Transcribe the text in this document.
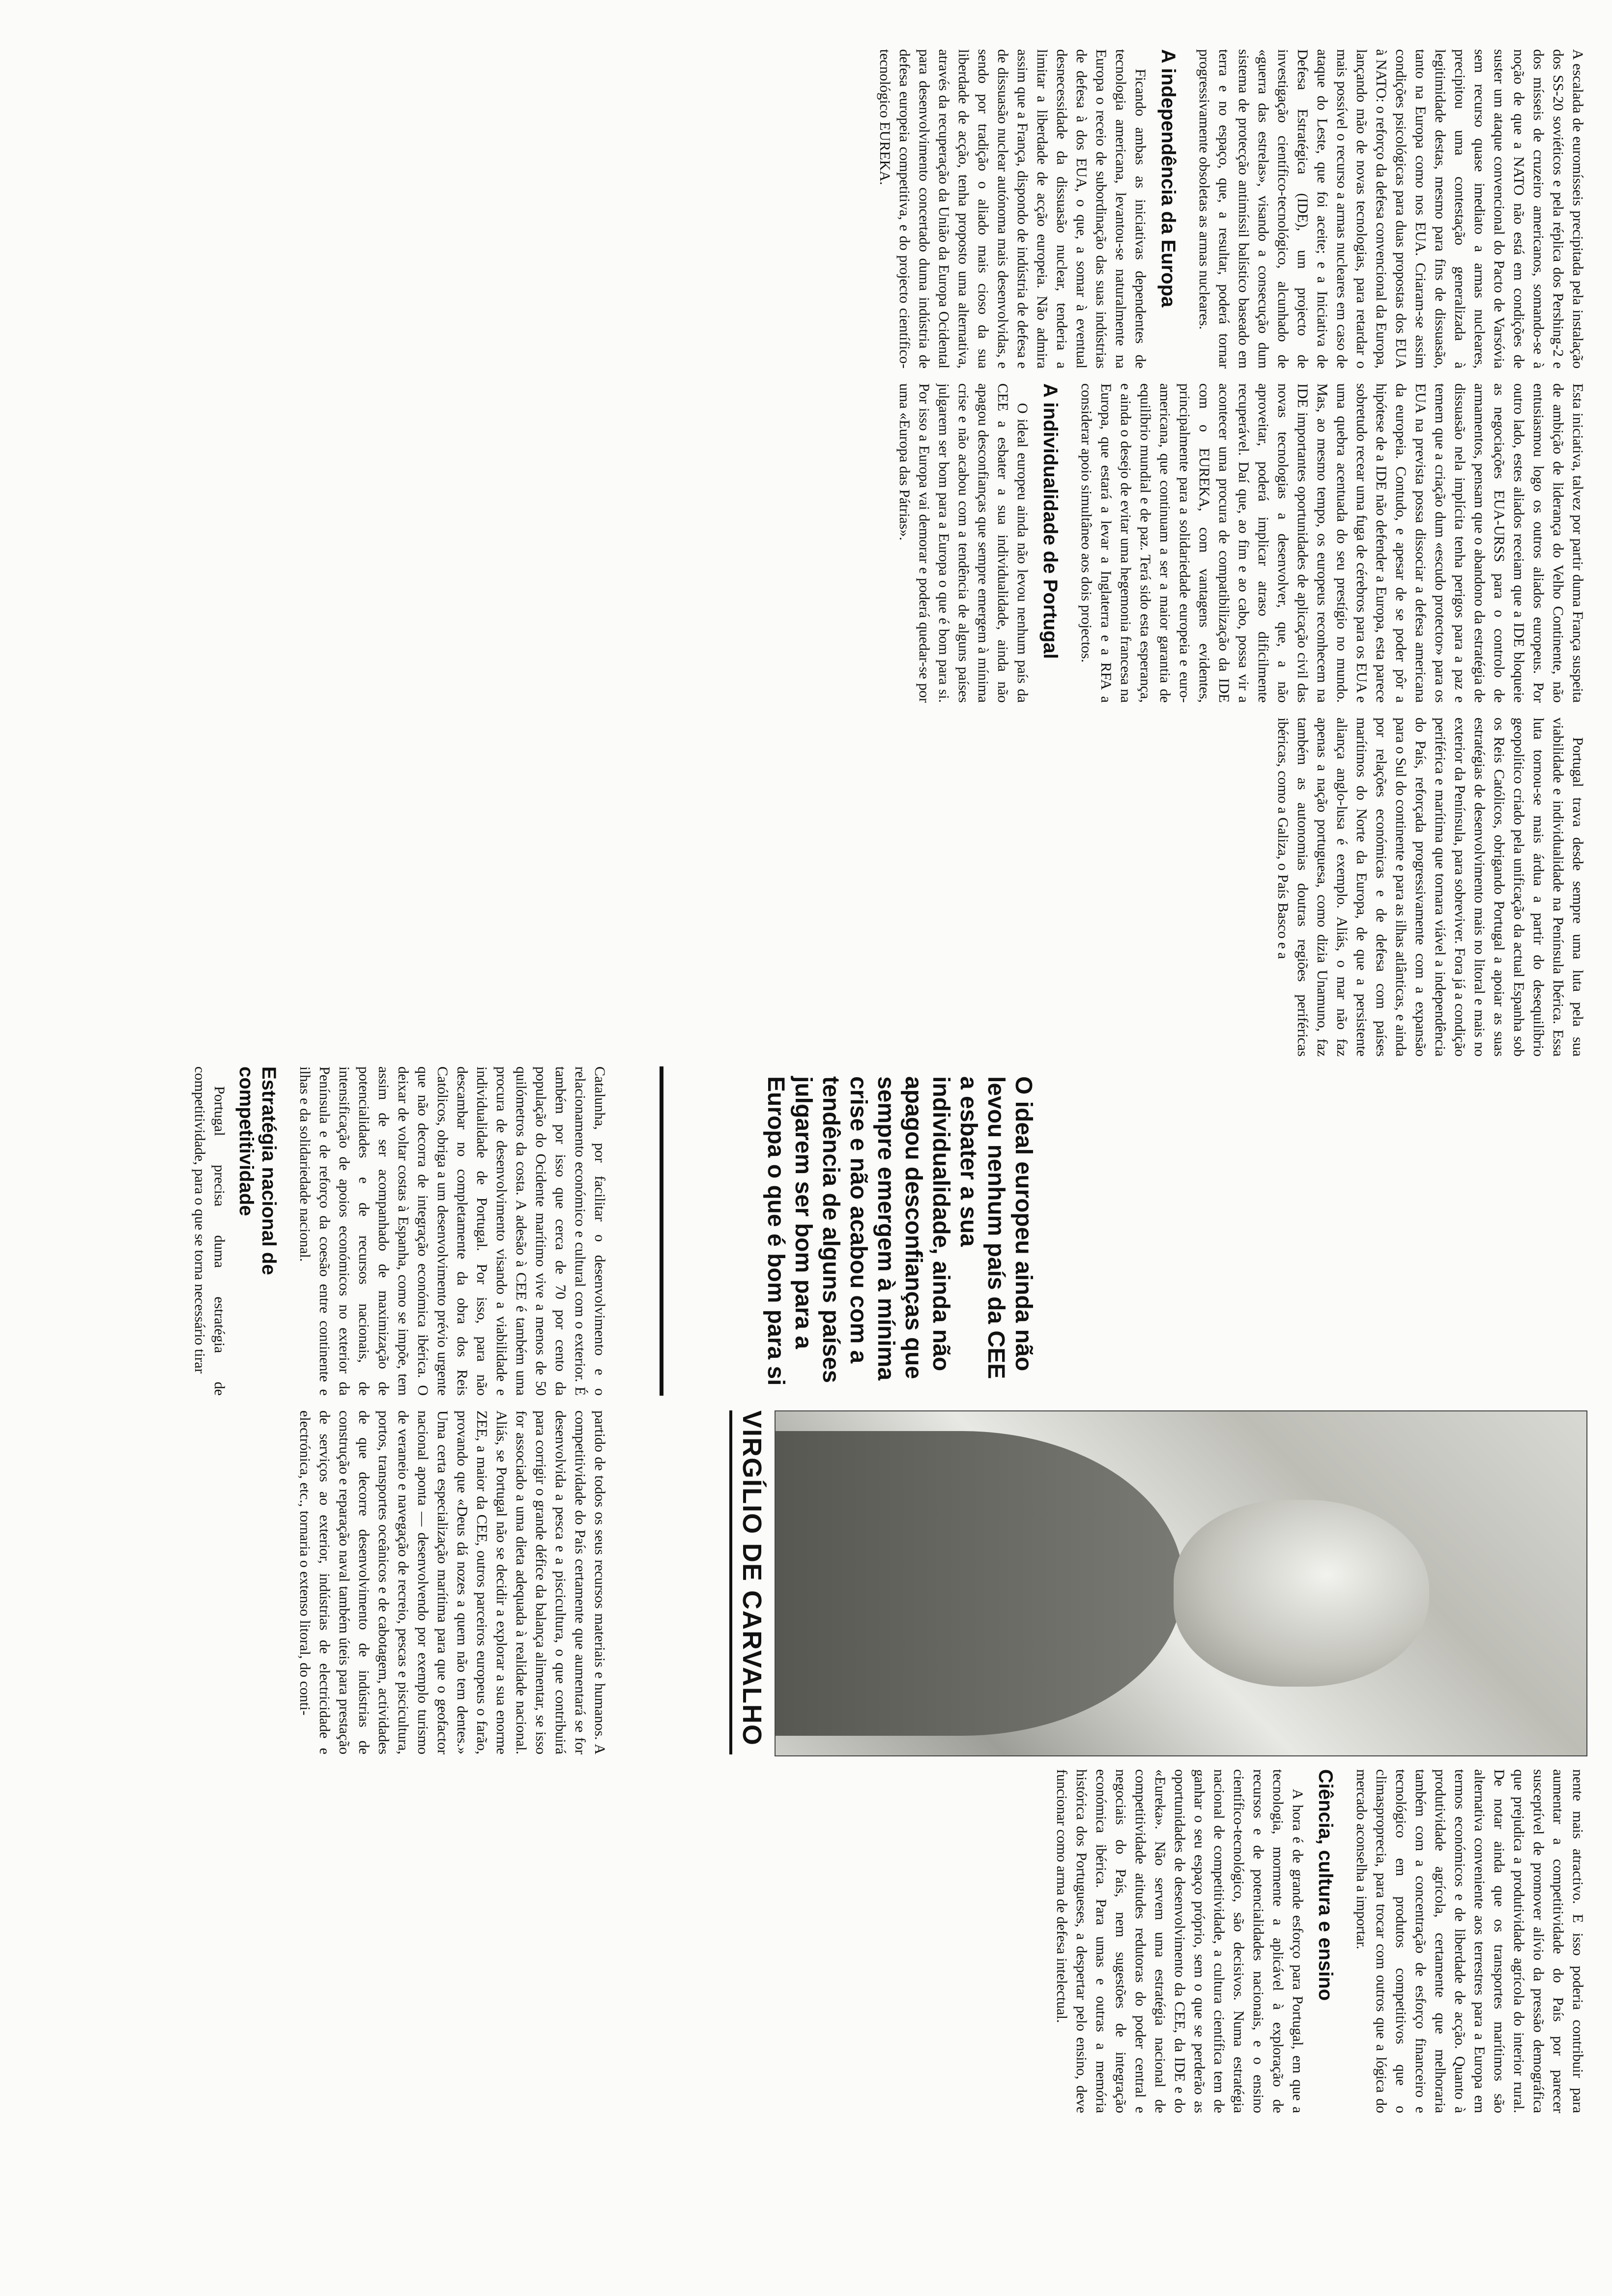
A escalada de euromísseis precipitada pela instalação dos SS-20 soviéticos e pela réplica dos Pershing-2 e dos mísseis de cruzeiro americanos, somando-se à noção de que a NATO não está em condições de suster um ataque convencional do Pacto de Varsóvia sem recurso quase imediato a armas nucleares, precipitou uma contestação generalizada à legitimidade destas, mesmo para fins de dissuasão, tanto na Europa como nos EUA. Criaram-se assim condições psicológicas para duas propostas dos EUA à NATO: o reforço da defesa convencional da Europa, lançando mão de novas tecnologias, para retardar o mais possível o recurso a armas nucleares em caso de ataque do Leste, que foi aceite; e a Iniciativa de Defesa Estratégica (IDE), um projecto de investigação científico-tecnológico, alcunhado de «guerra das estrelas», visando a consecução dum sistema de protecção antimíssil balístico baseado em terra e no espaço, que, a resultar, poderá tornar progressivamente obsoletas as armas nucleares.

A independência da Europa

Ficando ambas as iniciativas dependentes de tecnologia americana, levantou-se naturalmente na Europa o receio de subordinação das suas indústrias de defesa à dos EUA, o que, a somar à eventual desnecessidade da dissuasão nuclear, tenderia a limitar a liberdade de acção europeia. Não admira assim que a França, dispondo de indústria de defesa e de dissuasão nuclear autónoma mais desenvolvidas, e sendo por tradição o aliado mais cioso da sua liberdade de acção, tenha proposto uma alternativa, através da recuperação da União da Europa Ocidental para desenvolvimento concertado duma indústria de defesa europeia competitiva, e do projecto científico-tecnológico EUREKA.

Esta iniciativa, talvez por partir duma França suspeita de ambição de liderança do Velho Continente, não entusiasmou logo os outros aliados europeus. Por outro lado, estes aliados receiam que a IDE bloqueie as negociações EUA-URSS para o controlo de armamentos, pensam que o abandono da estratégia de dissuasão nela implícita tenha perigos para a paz e temem que a criação dum «escudo protector» para os EUA na prevista possa dissociar a defesa americana da europeia. Contudo, e apesar de se poder pôr a hipótese de a IDE não defender a Europa, esta parece sobretudo recear uma fuga de cérebros para os EUA e uma quebra acentuada do seu prestígio no mundo. Mas, ao mesmo tempo, os europeus reconhecem na IDE importantes oportunidades de aplicação civil das novas tecnologias a desenvolver, que, a não aproveitar, poderá implicar atraso dificilmente recuperável. Daí que, ao fim e ao cabo, possa vir a acontecer uma procura de compatibilização da IDE com o EUREKA, com vantagens evidentes, principalmente para a solidariedade europeia e euro-americana, que continuam a ser a maior garantia de equilíbrio mundial e de paz. Terá sido esta esperança, e ainda o desejo de evitar uma hegemonia francesa na Europa, que estará a levar a Inglaterra e a RFA a considerar apoio simultâneo aos dois projectos.

A individualidade de Portugal

O ideal europeu ainda não levou nenhum país da CEE a esbater a sua individualidade, ainda não apagou desconfianças que sempre emergem à mínima crise e não acabou com a tendência de alguns países julgarem ser bom para a Europa o que é bom para si. Por isso a Europa vai demorar e poderá quedar-se por uma «Europa das Pátrias».

Portugal trava desde sempre uma luta pela sua viabilidade e individualidade na Península Ibérica. Essa luta tornou-se mais árdua a partir do desequilíbrio geopolítico criado pela unificação da actual Espanha sob os Reis Católicos, obrigando Portugal a apoiar as suas estratégias de desenvolvimento mais no litoral e mais no exterior da Península, para sobreviver. Fora já a condição periférica e marítima que tornara viável a independência do País, reforçada progressivamente com a expansão para o Sul do continente e para as ilhas atlânticas, e ainda por relações económicas e de defesa com países marítimos do Norte da Europa, de que a persistente aliança anglo-lusa é exemplo. Aliás, o mar não faz apenas a nação portuguesa, como dizia Unamuno, faz também as autonomias doutras regiões periféricas ibéricas, como a Galiza, o País Basco e a

O ideal europeu ainda não levou nenhum país da CEE a esbater a sua individualidade, ainda não apagou desconfianças que sempre emergem à mínima crise e não acabou com a tendência de alguns países julgarem ser bom para a Europa o que é bom para si

Catalunha, por facilitar o desenvolvimento e o relacionamento económico e cultural com o exterior. É também por isso que cerca de 70 por cento da população do Ocidente marítimo vive a menos de 50 quilómetros da costa. A adesão à CEE é também uma procura de desenvolvimento visando a viabilidade e individualidade de Portugal. Por isso, para não descambar no completamente da obra dos Reis Católicos, obriga a um desenvolvimento prévio urgente que não decorra de integração económica ibérica. O deixar de voltar costas à Espanha, como se impõe, tem assim de ser acompanhado de maximização de potencialidades e de recursos nacionais, de intensificação de apoios económicos no exterior da Península e de reforço da coesão entre continente e ilhas e da solidariedade nacional.

Estratégia nacional de competitividade

Portugal precisa duma estratégia de competitividade, para o que se torna necessário tirar

VIRGÍLIO DE CARVALHO

partido de todos os seus recursos materiais e humanos. A competitividade do País certamente que aumentará se for desenvolvida a pesca e a piscicultura, o que contribuirá para corrigir o grande défice da balança alimentar, se isso for associado a uma dieta adequada à realidade nacional. Aliás, se Portugal não se decidir a explorar a sua enorme ZEE, a maior da CEE, outros parceiros europeus o farão, provando que «Deus dá nozes a quem não tem dentes.» Uma certa especialização marítima para que o geofactor nacional aponta — desenvolvendo por exemplo turismo de veraneio e navegação de recreio, pescas e piscicultura, portos, transportes oceânicos e de cabotagem, actividades de que decorre desenvolvimento de indústrias de construção e reparação naval também úteis para prestação de serviços ao exterior, indústrias de electricidade e electrónica, etc., tornaria o extenso litoral, do conti-

nente mais atractivo. E isso poderia contribuir para aumentar a competitividade do País por parecer susceptível de promover alívio da pressão demográfica que prejudica a produtividade agrícola do interior rural. De notar ainda que os transportes marítimos são alternativa conveniente aos terrestres para a Europa em termos económicos e de liberdade de acção. Quanto à produtividade agrícola, certamente que melhoraria também com a concentração de esforço financeiro e tecnológico em produtos competitivos que o climasproprecia, para trocar com outros que a lógica do mercado aconselha a importar.

Ciência, cultura e ensino

A hora é de grande esforço para Portugal, em que a tecnologia, mormente a aplicável à exploração de recursos e de potencialidades nacionais, e o ensino científico-tecnológico, são decisivos. Numa estratégia nacional de competitividade, a cultura científica tem de ganhar o seu espaço próprio, sem o que se perderão as oportunidades de desenvolvimento da CEE, da IDE e do «Eureka». Não servem uma estratégia nacional de competitividade atitudes redutoras do poder central e negociais do País, nem sugestões de integração económica ibérica. Para umas e outras a memória histórica dos Portugueses, a despertar pelo ensino, deve funcionar como arma de defesa intelectual.
